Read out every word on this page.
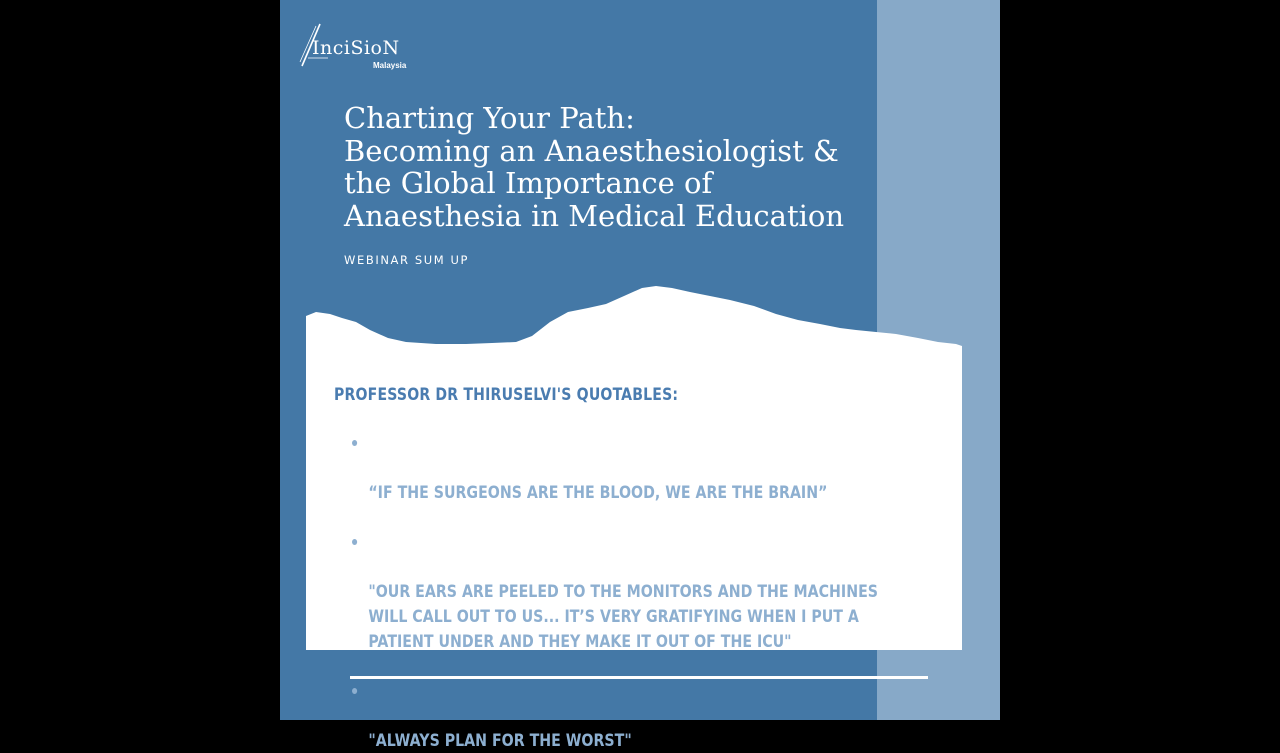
InciSioN
Malaysia
Charting Your Path:
Becoming an Anaesthesiologist &
the Global Importance of
Anaesthesia in Medical Education
WEBINAR SUM UP
PROFESSOR DR THIRUSELVI'S QUOTABLES:

“IF THE SURGEONS ARE THE BLOOD, WE ARE THE BRAIN”

"OUR EARS ARE PEELED TO THE MONITORS AND THE MACHINES
WILL CALL OUT TO US... IT’S VERY GRATIFYING WHEN I PUT A
PATIENT UNDER AND THEY MAKE IT OUT OF THE ICU"

"ALWAYS PLAN FOR THE WORST"
